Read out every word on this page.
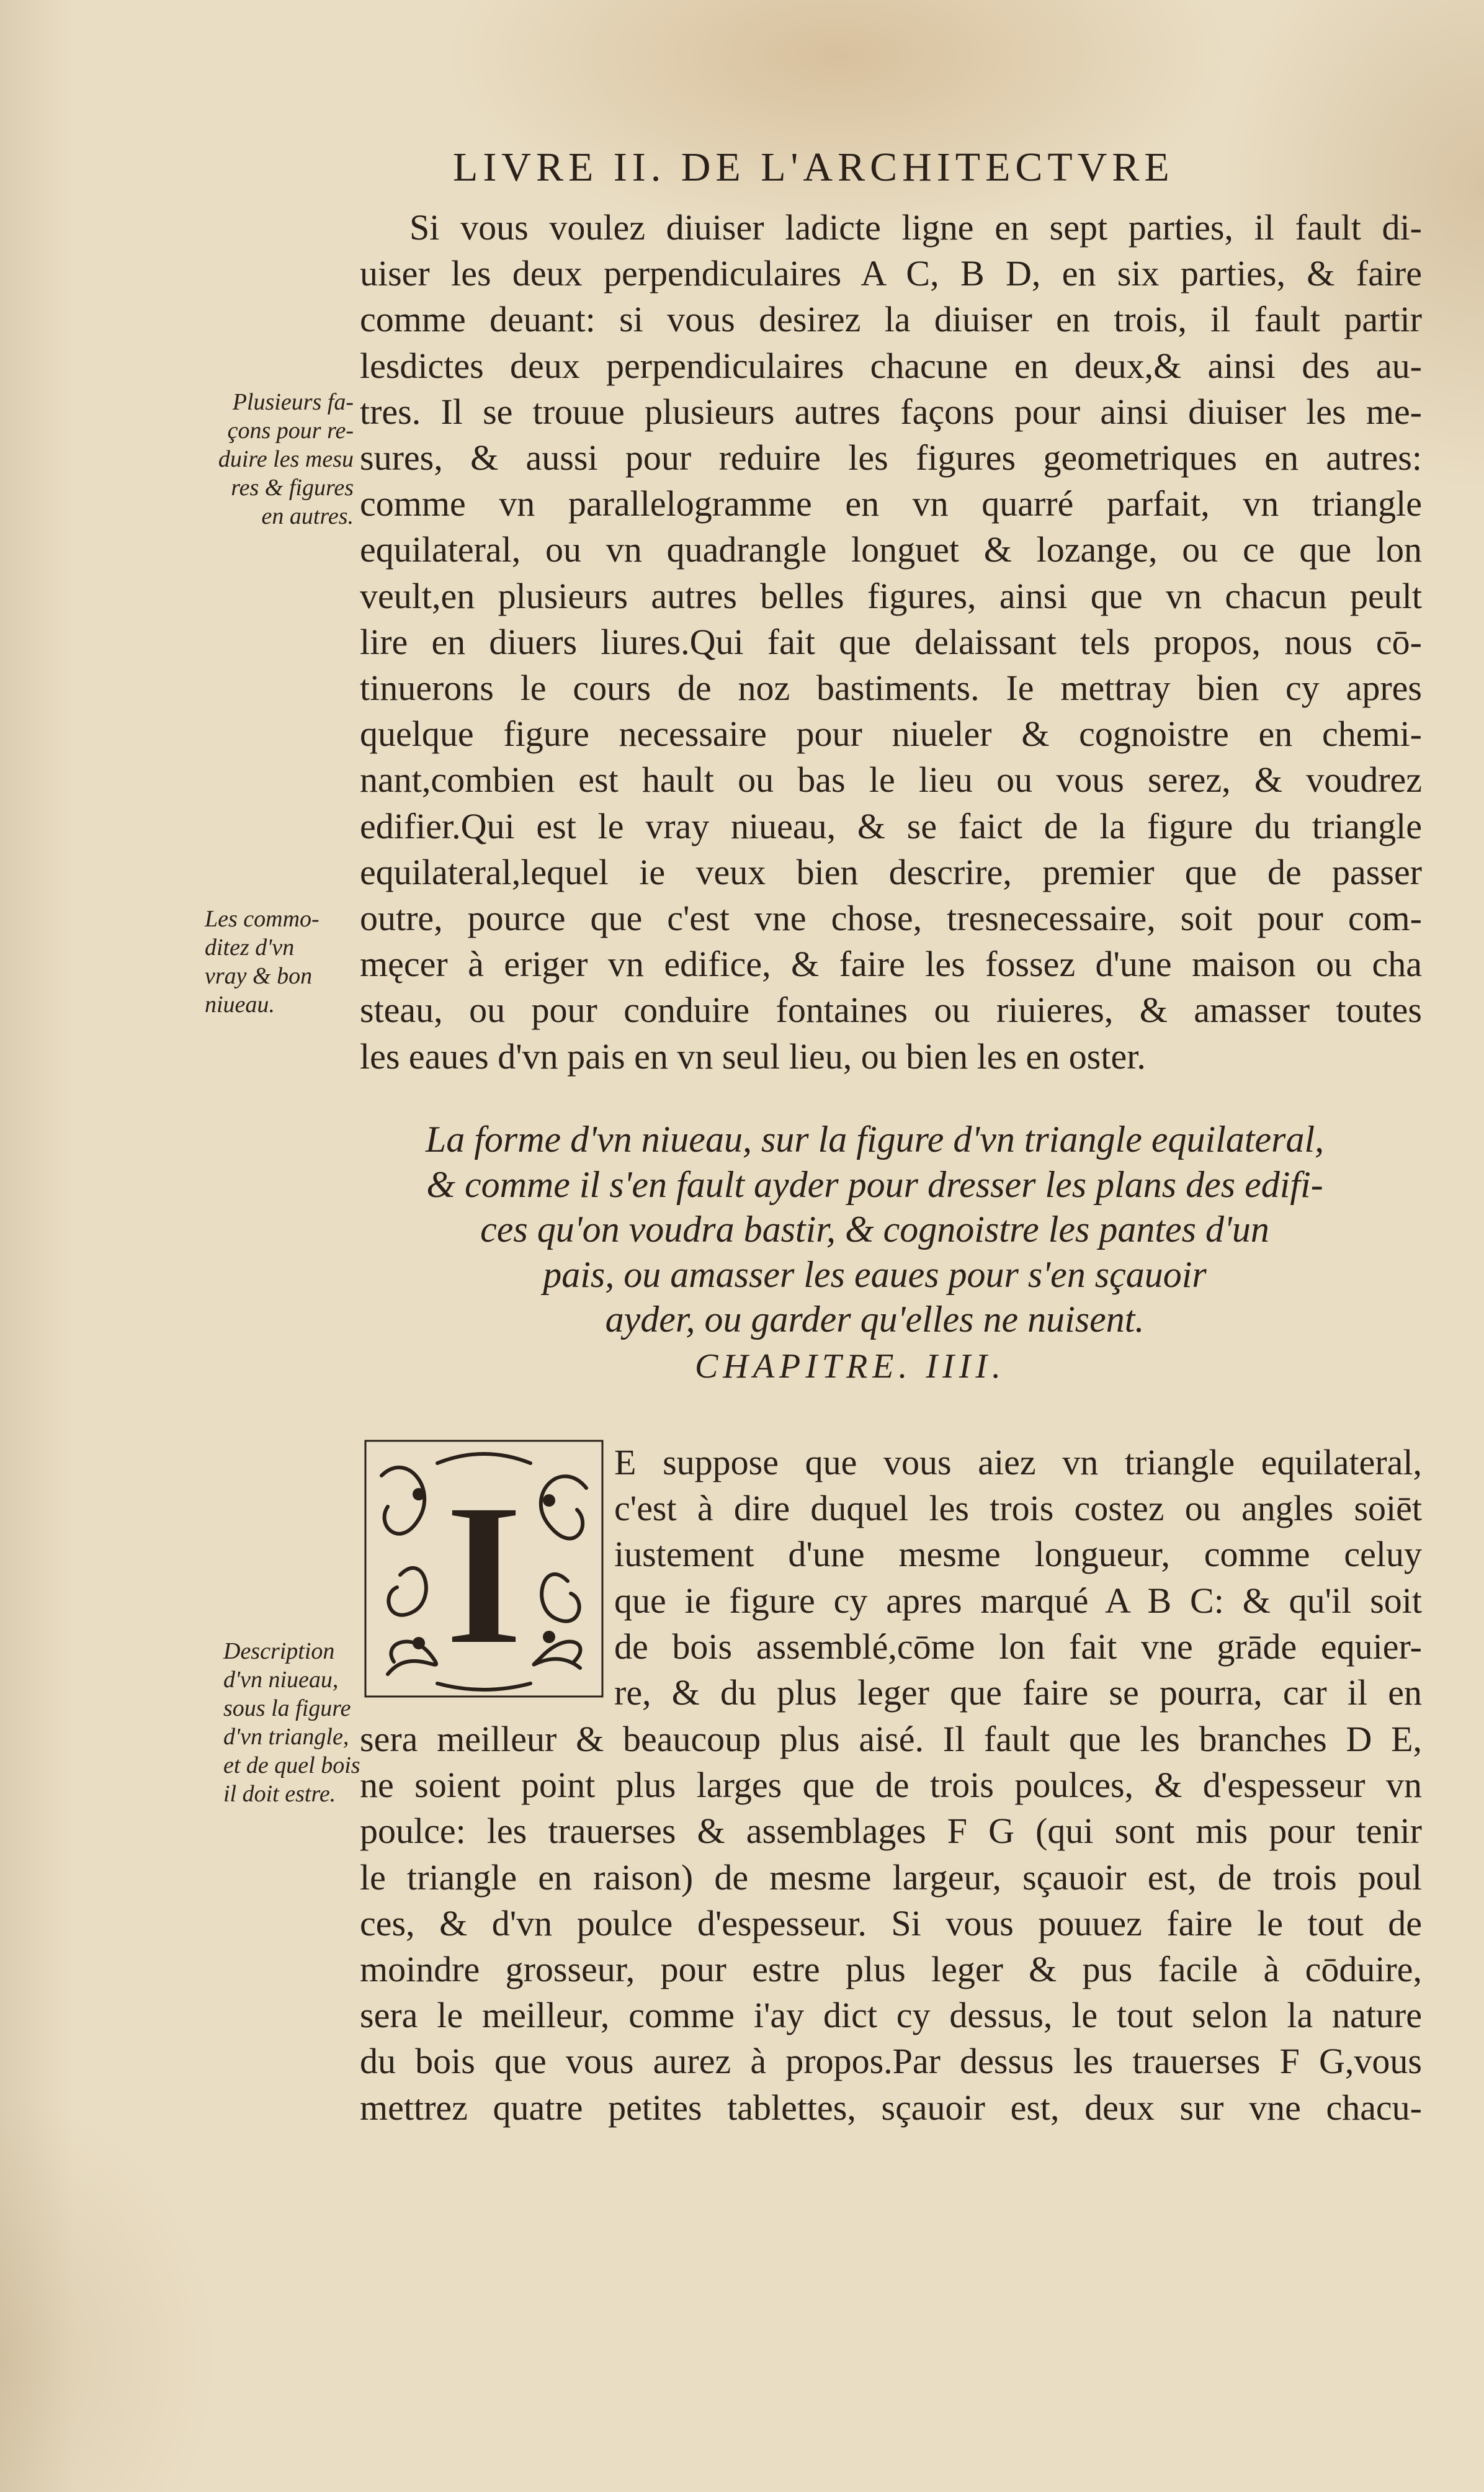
LIVRE II. DE L'ARCHITECTVRE
Si vous voulez diuiser ladicte ligne en sept parties, il fault di-
uiser les deux perpendiculaires A C, B D, en six parties, & faire
comme deuant: si vous desirez la diuiser en trois, il fault partir
lesdictes deux perpendiculaires chacune en deux,& ainsi des au-
tres. Il se trouue plusieurs autres façons pour ainsi diuiser les me-
sures, & aussi pour reduire les figures geometriques en autres:
comme vn parallelogramme en vn quarré parfait, vn triangle
equilateral, ou vn quadrangle longuet & lozange, ou ce que lon
veult,en plusieurs autres belles figures, ainsi que vn chacun peult
lire en diuers liures.Qui fait que delaissant tels propos, nous cō-
tinuerons le cours de noz bastiments. Ie mettray bien cy apres
quelque figure necessaire pour niueler & cognoistre en chemi-
nant,combien est hault ou bas le lieu ou vous serez, & voudrez
edifier.Qui est le vray niueau, & se faict de la figure du triangle
equilateral,lequel ie veux bien descrire, premier que de passer
outre, pource que c'est vne chose, tresnecessaire, soit pour com-
męcer à eriger vn edifice, & faire les fossez d'une maison ou cha
steau, ou pour conduire fontaines ou riuieres, & amasser toutes
les eaues d'vn pais en vn seul lieu, ou bien les en oster.
Plusieurs fa-
çons pour re-
duire les mesu
res & figures
en autres.
Les commo-
ditez d'vn
vray & bon
niueau.
La forme d'vn niueau, sur la figure d'vn triangle equilateral,
& comme il s'en fault ayder pour dresser les plans des edifi-
ces qu'on voudra bastir, & cognoistre les pantes d'un
pais, ou amasser les eaues pour s'en sçauoir
ayder, ou garder qu'elles ne nuisent.
CHAPITRE. IIII.
I	E suppose que vous aiez vn triangle equilateral,
c'est à dire duquel les trois costez ou angles soiēt
iustement d'une mesme longueur, comme celuy
que ie figure cy apres marqué A B C: & qu'il soit
de bois assemblé,cōme lon fait vne grāde equier-
re, & du plus leger que faire se pourra, car il en
Description
d'vn niueau,
sous la figure
d'vn triangle,
et de quel bois
il doit estre.
sera meilleur & beaucoup plus aisé. Il fault que les branches D E,
ne soient point plus larges que de trois poulces, & d'espesseur vn
poulce: les trauerses & assemblages F G (qui sont mis pour tenir
le triangle en raison) de mesme largeur, sçauoir est, de trois poul
ces, & d'vn poulce d'espesseur. Si vous pouuez faire le tout de
moindre grosseur, pour estre plus leger & pus facile à cōduire,
sera le meilleur, comme i'ay dict cy dessus, le tout selon la nature
du bois que vous aurez à propos.Par dessus les trauerses F G,vous
mettrez quatre petites tablettes, sçauoir est, deux sur vne chacu-
